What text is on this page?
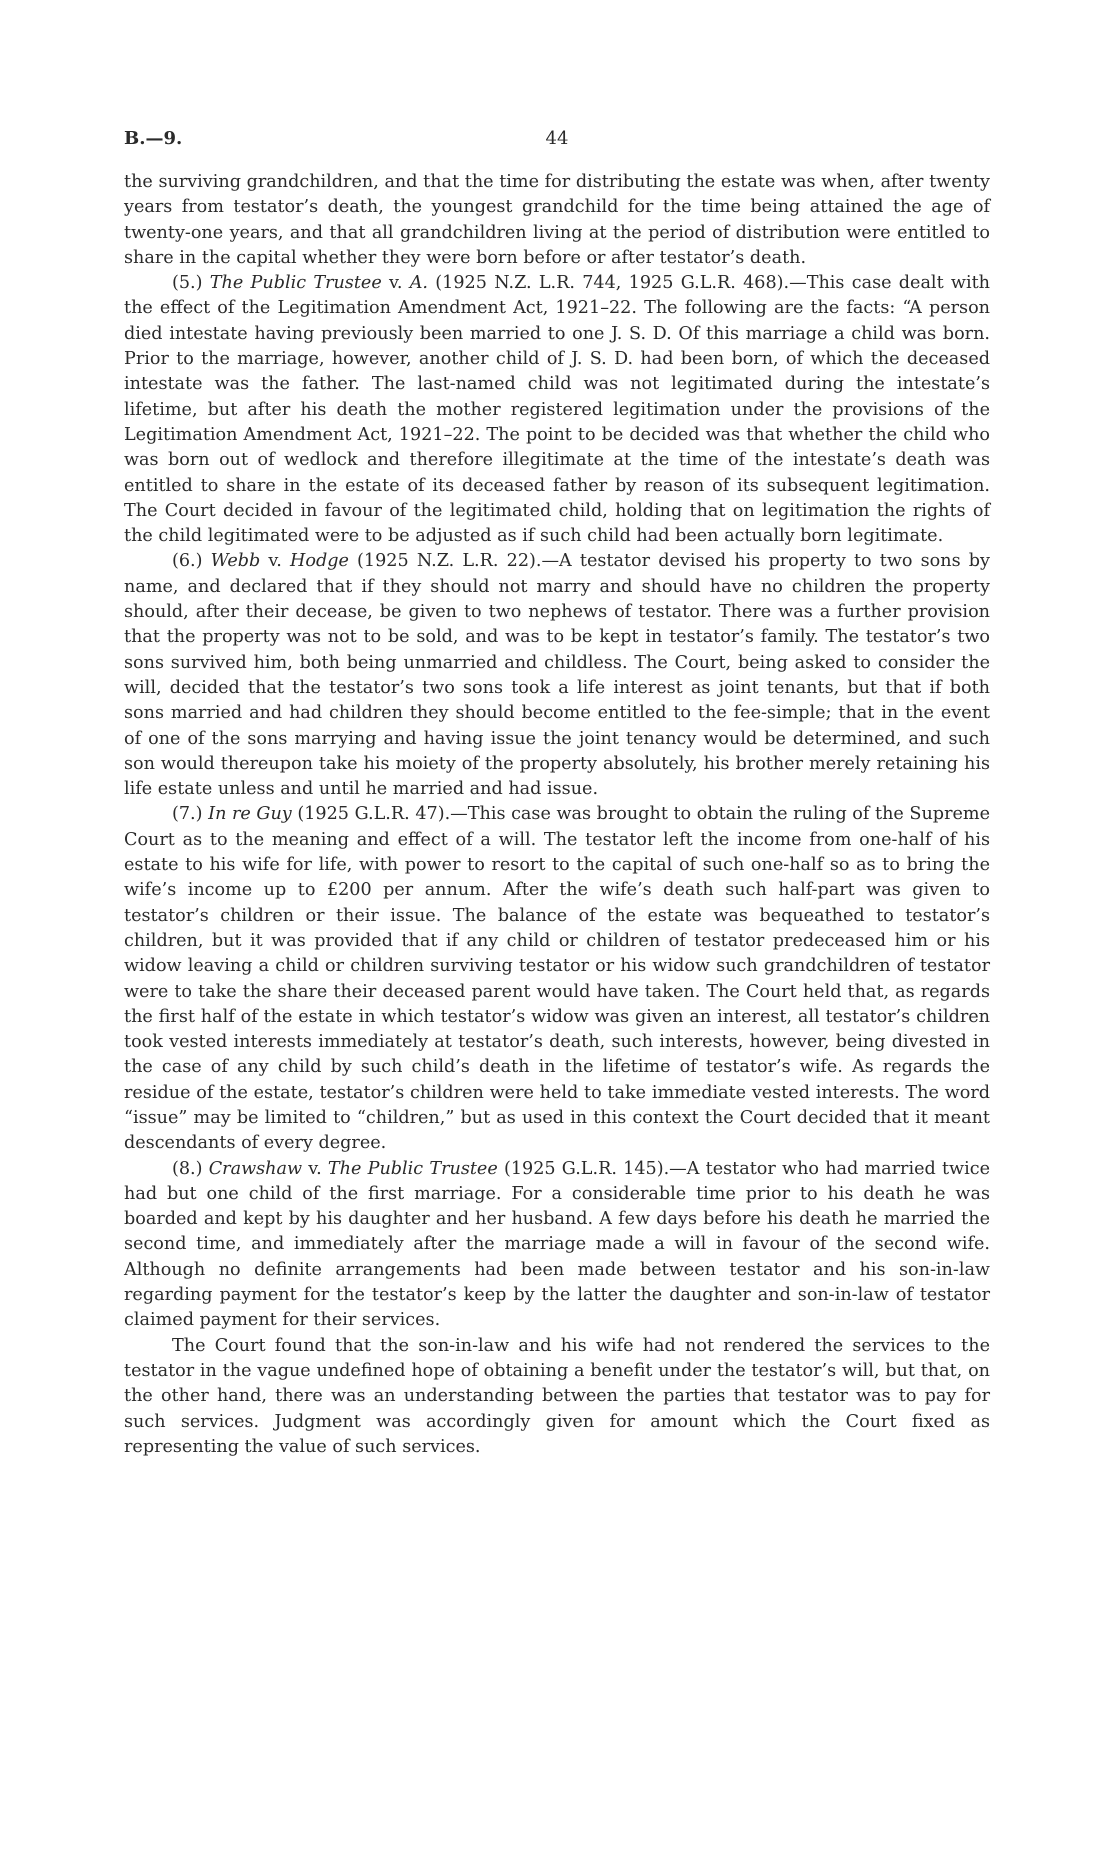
B.—9.	44

the surviving grandchildren, and that the time for distributing the estate was when, after twenty years from testator’s death, the youngest grandchild for the time being attained the age of twenty-one years, and that all grandchildren living at the period of distribution were entitled to share in the capital whether they were born before or after testator’s death.

(5.) The Public Trustee v. A. (1925 N.Z. L.R. 744, 1925 G.L.R. 468).—This case dealt with the effect of the Legitimation Amendment Act, 1921–22. The following are the facts: “A person died intestate having previously been married to one J. S. D. Of this marriage a child was born. Prior to the marriage, however, another child of J. S. D. had been born, of which the deceased intestate was the father. The last-named child was not legitimated during the intestate’s lifetime, but after his death the mother registered legitimation under the provisions of the Legitimation Amendment Act, 1921–22. The point to be decided was that whether the child who was born out of wedlock and therefore illegitimate at the time of the intestate’s death was entitled to share in the estate of its deceased father by reason of its subsequent legitimation. The Court decided in favour of the legitimated child, holding that on legitimation the rights of the child legitimated were to be adjusted as if such child had been actually born legitimate.

(6.) Webb v. Hodge (1925 N.Z. L.R. 22).—A testator devised his property to two sons by name, and declared that if they should not marry and should have no children the property should, after their decease, be given to two nephews of testator. There was a further provision that the property was not to be sold, and was to be kept in testator’s family. The testator’s two sons survived him, both being unmarried and childless. The Court, being asked to consider the will, decided that the testator’s two sons took a life interest as joint tenants, but that if both sons married and had children they should become entitled to the fee-simple; that in the event of one of the sons marrying and having issue the joint tenancy would be determined, and such son would thereupon take his moiety of the property absolutely, his brother merely retaining his life estate unless and until he married and had issue.

(7.) In re Guy (1925 G.L.R. 47).—This case was brought to obtain the ruling of the Supreme Court as to the meaning and effect of a will. The testator left the income from one-half of his estate to his wife for life, with power to resort to the capital of such one-half so as to bring the wife’s income up to £200 per annum. After the wife’s death such half-part was given to testator’s children or their issue. The balance of the estate was bequeathed to testator’s children, but it was provided that if any child or children of testator predeceased him or his widow leaving a child or children surviving testator or his widow such grandchildren of testator were to take the share their deceased parent would have taken. The Court held that, as regards the first half of the estate in which testator’s widow was given an interest, all testator’s children took vested interests immediately at testator’s death, such interests, however, being divested in the case of any child by such child’s death in the lifetime of testator’s wife. As regards the residue of the estate, testator’s children were held to take immediate vested interests. The word “issue” may be limited to “children,” but as used in this context the Court decided that it meant descendants of every degree.

(8.) Crawshaw v. The Public Trustee (1925 G.L.R. 145).—A testator who had married twice had but one child of the first marriage. For a considerable time prior to his death he was boarded and kept by his daughter and her husband. A few days before his death he married the second time, and immediately after the marriage made a will in favour of the second wife. Although no definite arrangements had been made between testator and his son-in-law regarding payment for the testator’s keep by the latter the daughter and son-in-law of testator claimed payment for their services.

The Court found that the son-in-law and his wife had not rendered the services to the testator in the vague undefined hope of obtaining a benefit under the testator’s will, but that, on the other hand, there was an understanding between the parties that testator was to pay for such services. Judgment was accordingly given for amount which the Court fixed as representing the value of such services.
